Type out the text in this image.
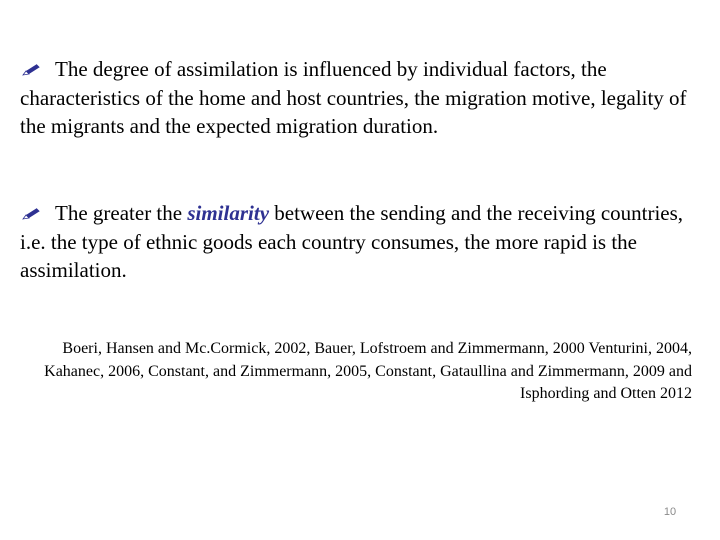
The degree of assimilation is influenced by individual factors, the characteristics of the home and host countries, the migration motive, legality of the migrants and the expected migration duration.
The greater the similarity between the sending and the receiving countries, i.e. the type of ethnic goods each country consumes, the more rapid is the assimilation.
Boeri, Hansen and Mc.Cormick, 2002, Bauer, Lofstroem and Zimmermann, 2000 Venturini, 2004, Kahanec, 2006, Constant, and Zimmermann, 2005, Constant, Gataullina and Zimmermann, 2009 and Isphording and Otten 2012
10
